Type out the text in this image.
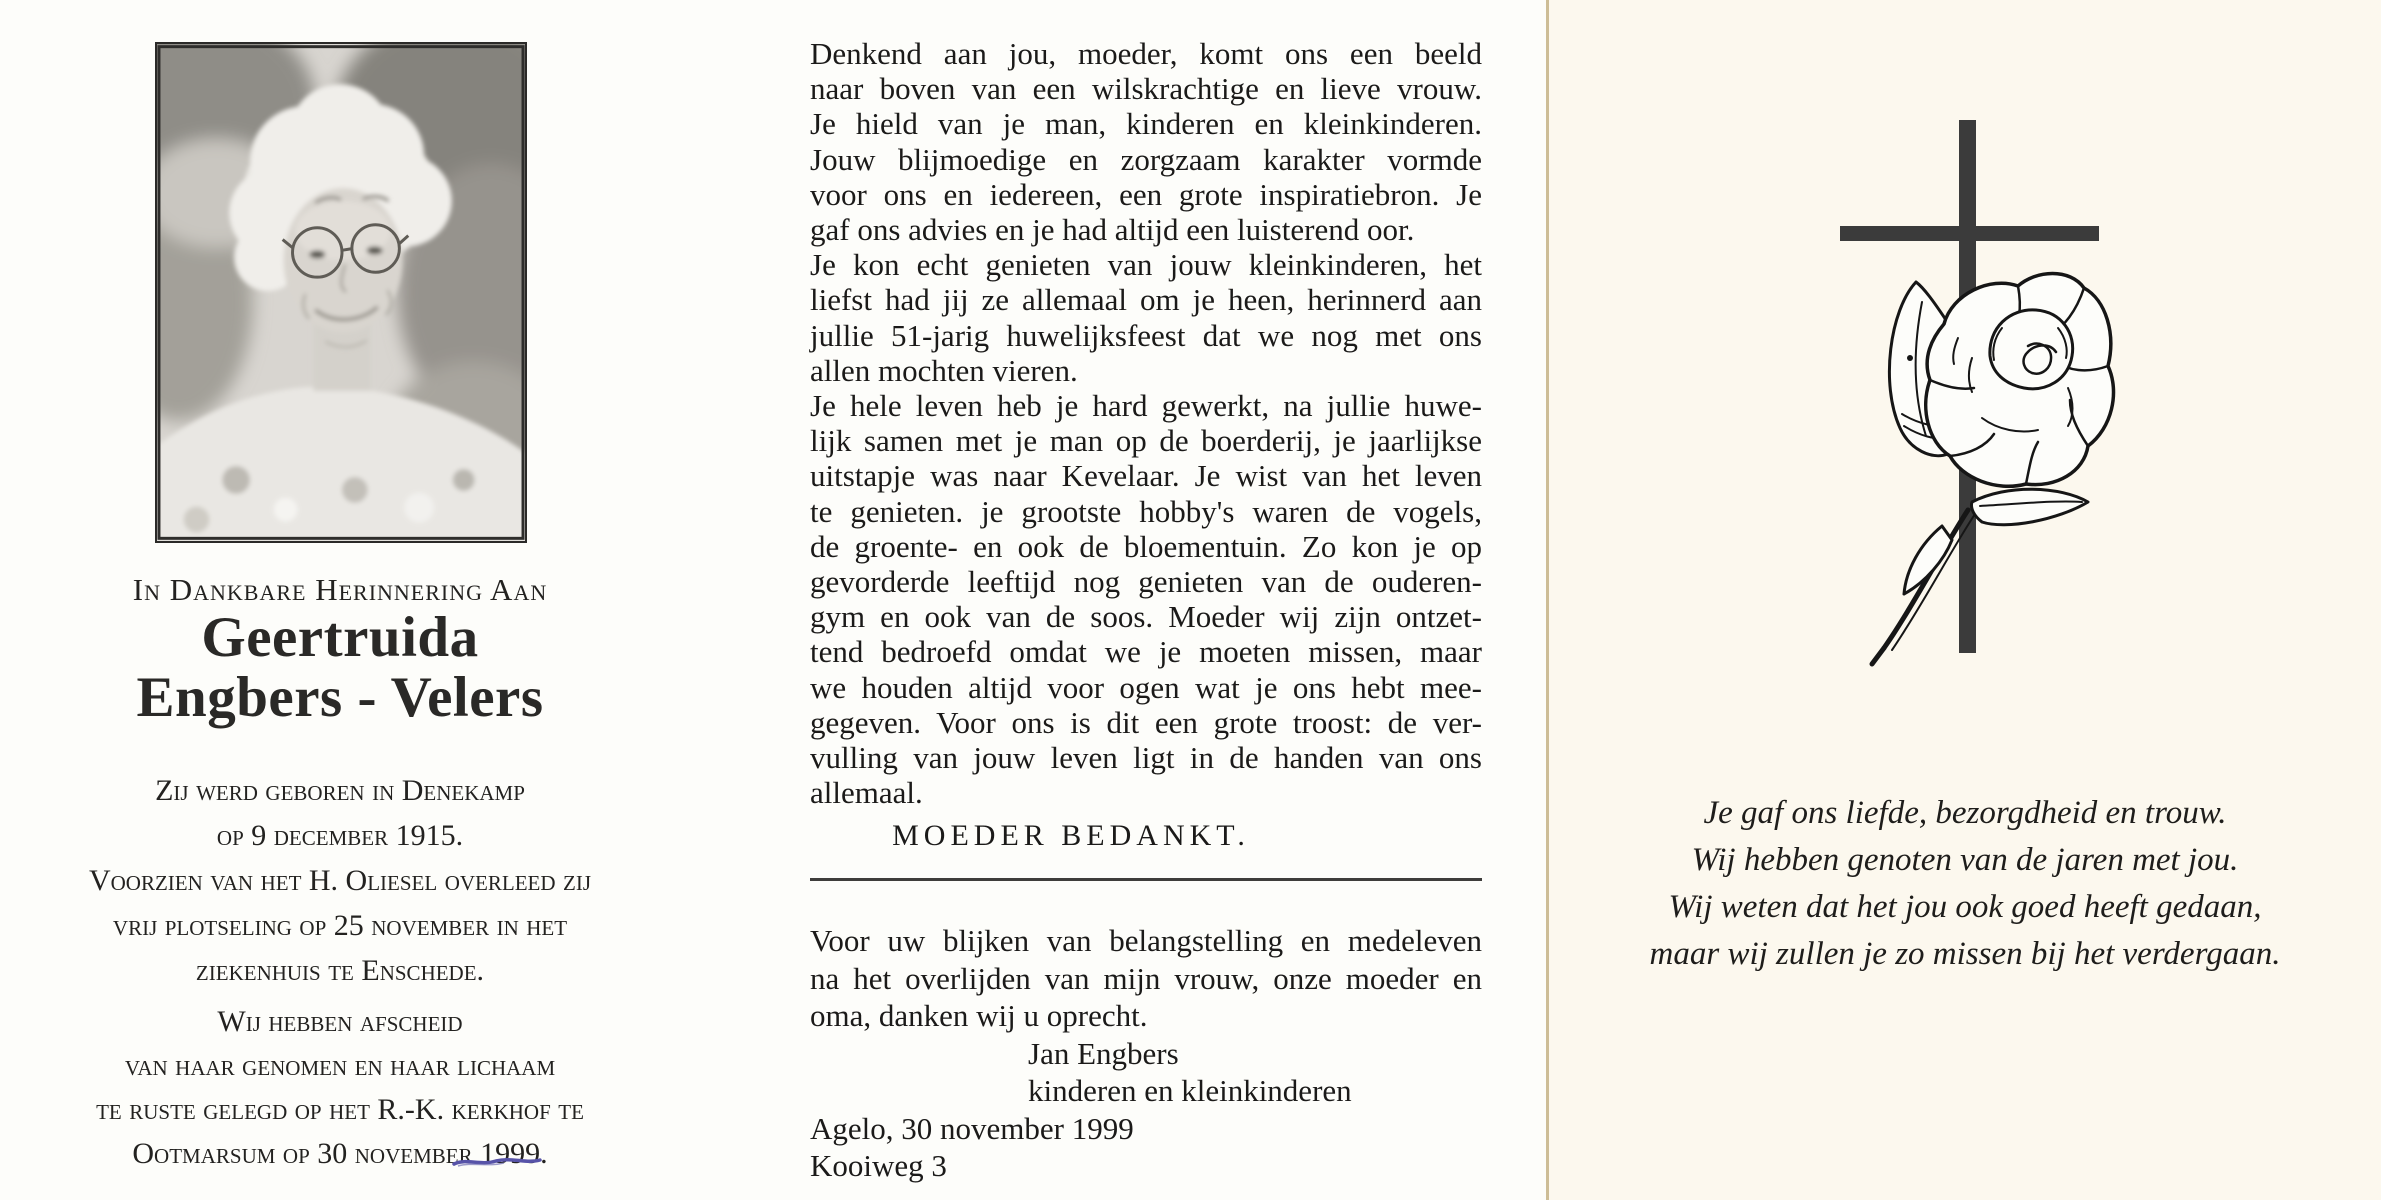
In Dankbare Herinnering Aan
Geertruida
Engbers - Velers
Zij werd geboren in Denekamp
op 9 december 1915.
Voorzien van het H. Oliesel overleed zij
vrij plotseling op 25 november in het
ziekenhuis te Enschede.
Wij hebben afscheid
van haar genomen en haar lichaam
te ruste gelegd op het R.-K. kerkhof te
Ootmarsum op 30 november 1999.
Denkend aan jou, moeder, komt ons een beeld
naar boven van een wilskrachtige en lieve vrouw.
Je hield van je man, kinderen en kleinkinderen.
Jouw blijmoedige en zorgzaam karakter vormde
voor ons en iedereen, een grote inspiratiebron. Je
gaf ons advies en je had altijd een luisterend oor.
Je kon echt genieten van jouw kleinkinderen, het
liefst had jij ze allemaal om je heen, herinnerd aan
jullie 51-jarig huwelijksfeest dat we nog met ons
allen mochten vieren.
Je hele leven heb je hard gewerkt, na jullie huwe-
lijk samen met je man op de boerderij, je jaarlijkse
uitstapje was naar Kevelaar. Je wist van het leven
te genieten. je grootste hobby's waren de vogels,
de groente- en ook de bloementuin. Zo kon je op
gevorderde leeftijd nog genieten van de ouderen-
gym en ook van de soos. Moeder wij zijn ontzet-
tend bedroefd omdat we je moeten missen, maar
we houden altijd voor ogen wat je ons hebt mee-
gegeven. Voor ons is dit een grote troost: de ver-
vulling van jouw leven ligt in de handen van ons
allemaal.
MOEDER BEDANKT.
Voor uw blijken van belangstelling en medeleven
na het overlijden van mijn vrouw, onze moeder en
oma, danken wij u oprecht.
Jan Engbers
kinderen en kleinkinderen
Agelo, 30 november 1999
Kooiweg 3
Je gaf ons liefde, bezorgdheid en trouw.
Wij hebben genoten van de jaren met jou.
Wij weten dat het jou ook goed heeft gedaan,
maar wij zullen je zo missen bij het verdergaan.
